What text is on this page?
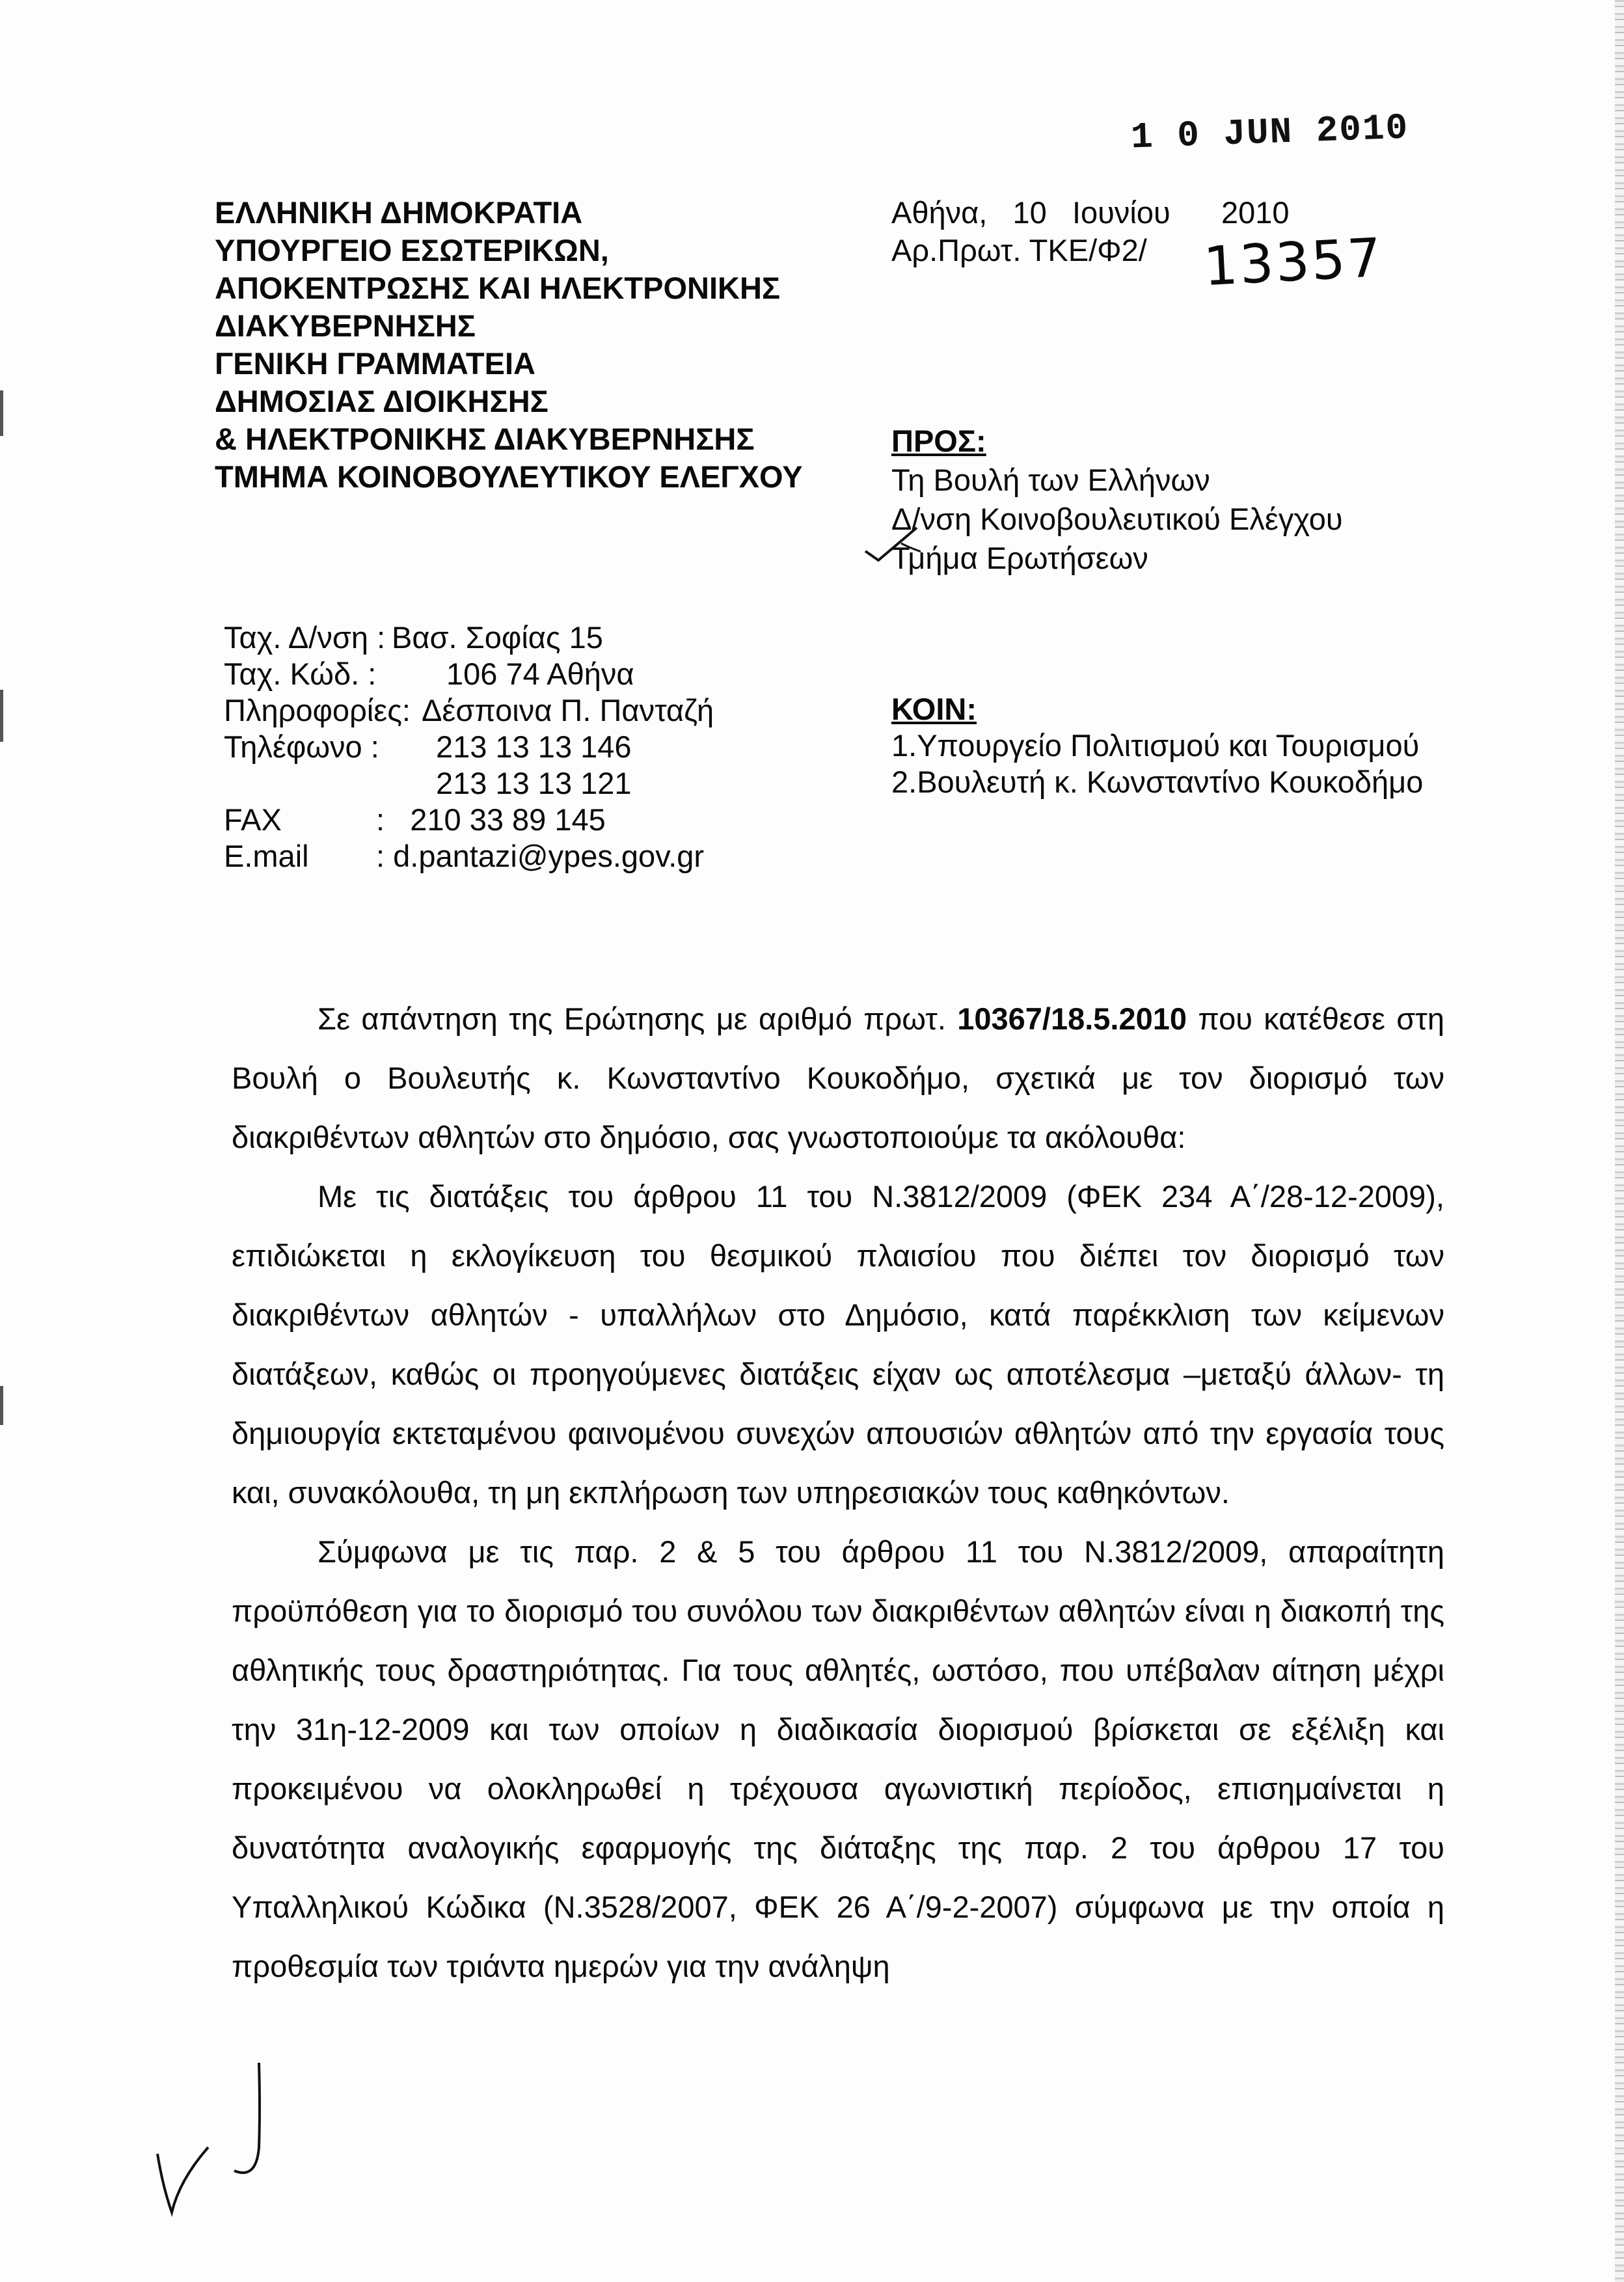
1 0 JUN 2010
ΕΛΛΗΝΙΚΗ ΔΗΜΟΚΡΑΤΙΑ
ΥΠΟΥΡΓΕΙΟ ΕΣΩΤΕΡΙΚΩΝ,
ΑΠΟΚΕΝΤΡΩΣΗΣ ΚΑΙ ΗΛΕΚΤΡΟΝΙΚΗΣ
ΔΙΑΚΥΒΕΡΝΗΣΗΣ
ΓΕΝΙΚΗ ΓΡΑΜΜΑΤΕΙΑ
ΔΗΜΟΣΙΑΣ ΔΙΟΙΚΗΣΗΣ
& ΗΛΕΚΤΡΟΝΙΚΗΣ ΔΙΑΚΥΒΕΡΝΗΣΗΣ
ΤΜΗΜΑ ΚΟΙΝΟΒΟΥΛΕΥΤΙΚΟΥ ΕΛΕΓΧΟΥ
Αθήνα,   10   Ιουνίου      2010
Αρ.Πρωτ. ΤΚΕ/Φ2/	13357
ΠΡΟΣ:
Τη Βουλή των Ελλήνων
Δ/νση Κοινοβουλευτικού Ελέγχου
Τμήμα Ερωτήσεων
Ταχ. Δ/νση : Βασ. Σοφίας 15
Ταχ. Κώδ. : 106 74 Αθήνα
Πληροφορίες: Δέσποινα Π. Πανταζή
Τηλέφωνο : 213 13 13 146
213 13 13 121
FAX	:   210 33 89 145
E.mail : d.pantazi@ypes.gov.gr
ΚΟΙΝ:
1.Υπουργείο Πολιτισμού και Τουρισμού
2.Βουλευτή κ. Κωνσταντίνο Κουκοδήμο

Σε απάντηση της Ερώτησης με αριθμό πρωτ. 10367/18.5.2010 που κατέθεσε στη Βουλή ο Βουλευτής κ. Κωνσταντίνο Κουκοδήμο, σχετικά με τον διορισμό των διακριθέντων αθλητών στο δημόσιο, σας γνωστοποιούμε τα ακόλουθα:

Με τις διατάξεις του άρθρου 11 του Ν.3812/2009 (ΦΕΚ 234 Α΄/28-12-2009), επιδιώκεται η εκλογίκευση του θεσμικού πλαισίου που διέπει τον διορισμό των διακριθέντων αθλητών - υπαλλήλων στο Δημόσιο, κατά παρέκκλιση των κείμενων διατάξεων, καθώς οι προηγούμενες διατάξεις είχαν ως αποτέλεσμα –μεταξύ άλλων- τη δημιουργία εκτεταμένου φαινομένου συνεχών απουσιών αθλητών από την εργασία τους και, συνακόλουθα, τη μη εκπλήρωση των υπηρεσιακών τους καθηκόντων.

Σύμφωνα με τις παρ. 2 & 5 του άρθρου 11 του Ν.3812/2009, απαραίτητη προϋπόθεση για το διορισμό του συνόλου των διακριθέντων αθλητών είναι η διακοπή της αθλητικής τους δραστηριότητας. Για τους αθλητές, ωστόσο, που υπέβαλαν αίτηση μέχρι την 31η-12-2009 και των οποίων η διαδικασία διορισμού βρίσκεται σε εξέλιξη και προκειμένου να ολοκληρωθεί η τρέχουσα αγωνιστική περίοδος, επισημαίνεται η δυνατότητα αναλογικής εφαρμογής της διάταξης της παρ. 2 του άρθρου 17 του Υπαλληλικού Κώδικα (Ν.3528/2007, ΦΕΚ 26 Α΄/9-2-2007) σύμφωνα με την οποία η προθεσμία των τριάντα ημερών για την ανάληψη
